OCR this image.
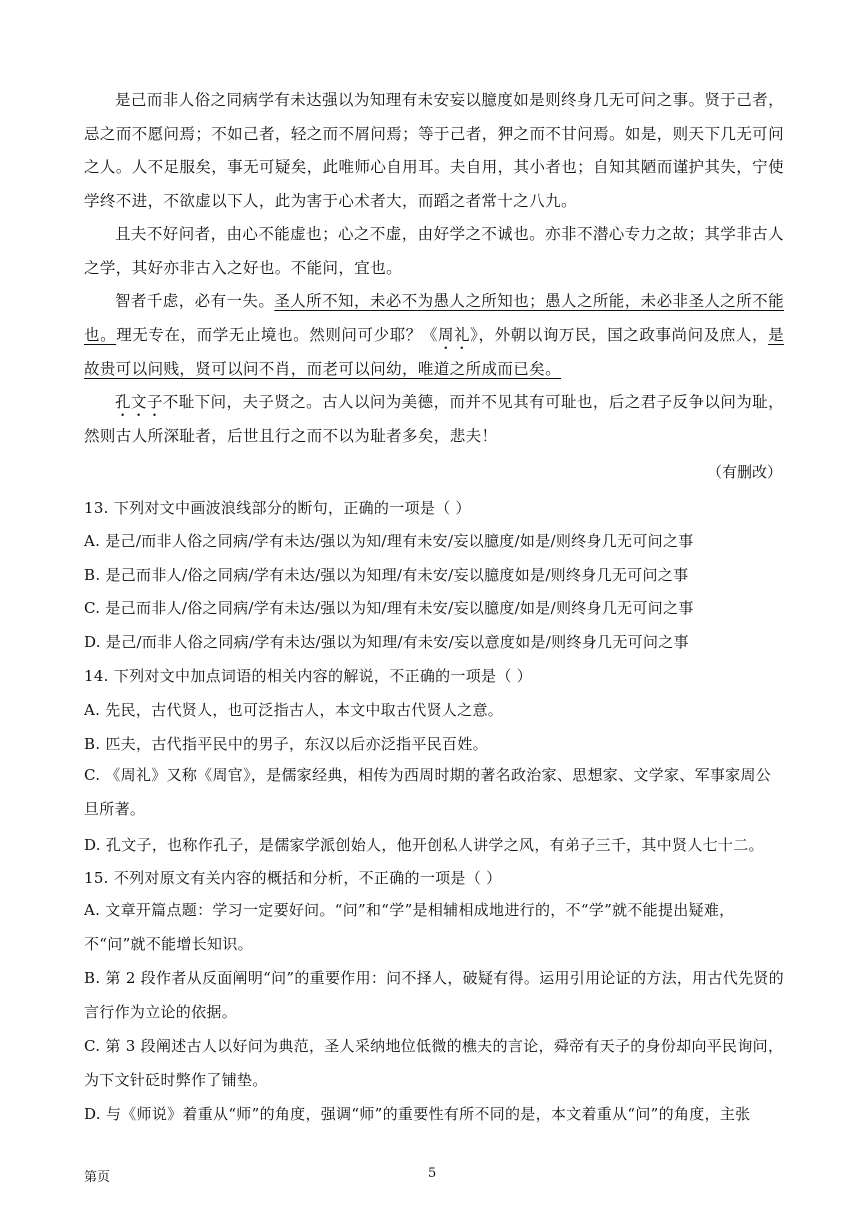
是己而非人俗之同病学有未达强以为知理有未安妄以臆度如是则终身几无可问之事。贤于己者，忌之而不愿问焉；不如己者，轻之而不屑问焉；等于己者，狎之而不甘问焉。如是，则天下几无可问之人。人不足服矣，事无可疑矣，此唯师心自用耳。夫自用，其小者也；自知其陋而谨护其失，宁使学终不进，不欲虚以下人，此为害于心术者大，而蹈之者常十之八九。

且夫不好问者，由心不能虚也；心之不虚，由好学之不诚也。亦非不潜心专力之故；其学非古人之学，其好亦非古入之好也。不能问，宜也。

智者千虑，必有一失。圣人所不知，未必不为愚人之所知也；愚人之所能，未必非圣人之所不能也。理无专在，而学无止境也。然则问可少耶？《周礼》，外朝以询万民，国之政事尚问及庶人，是故贵可以问贱，贤可以问不肖，而老可以问幼，唯道之所成而已矣。

孔文子不耻下问，夫子贤之。古人以问为美德，而并不见其有可耻也，后之君子反争以问为耻，然则古人所深耻者，后世且行之而不以为耻者多矣，悲夫！

（有删改）
13. 下列对文中画波浪线部分的断句，正确的一项是（ ）
A. 是己/而非人俗之同病/学有未达/强以为知/理有未安/妄以臆度/如是/则终身几无可问之事
B. 是己而非人/俗之同病/学有未达/强以为知理/有未安/妄以臆度如是/则终身几无可问之事
C. 是己而非人/俗之同病/学有未达/强以为知/理有未安/妄以臆度/如是/则终身几无可问之事
D. 是己/而非人俗之同病/学有未达/强以为知理/有未安/妄以意度如是/则终身几无可问之事
14. 下列对文中加点词语的相关内容的解说，不正确的一项是（ ）
A. 先民，古代贤人，也可泛指古人，本文中取古代贤人之意。
B. 匹夫，古代指平民中的男子，东汉以后亦泛指平民百姓。

C. 《周礼》又称《周官》，是儒家经典，相传为西周时期的著名政治家、思想家、文学家、军事家周公旦所著。

D. 孔文子，也称作孔子，是儒家学派创始人，他开创私人讲学之风，有弟子三千，其中贤人七十二。
15. 不列对原文有关内容的概括和分析，不正确的一项是（ ）

A. 文章开篇点题：学习一定要好问。“问”和“学”是相辅相成地进行的，不“学”就不能提出疑难，不“问”就不能增长知识。

B. 第 2 段作者从反面阐明“问”的重要作用：问不择人，破疑有得。运用引用论证的方法，用古代先贤的言行作为立论的依据。

C. 第 3 段阐述古人以好问为典范，圣人采纳地位低微的樵夫的言论，舜帝有天子的身份却向平民询问，为下文针砭时弊作了铺垫。

D. 与《师说》着重从“师”的角度，强调“师”的重要性有所不同的是，本文着重从“问”的角度，主张

第页	5
